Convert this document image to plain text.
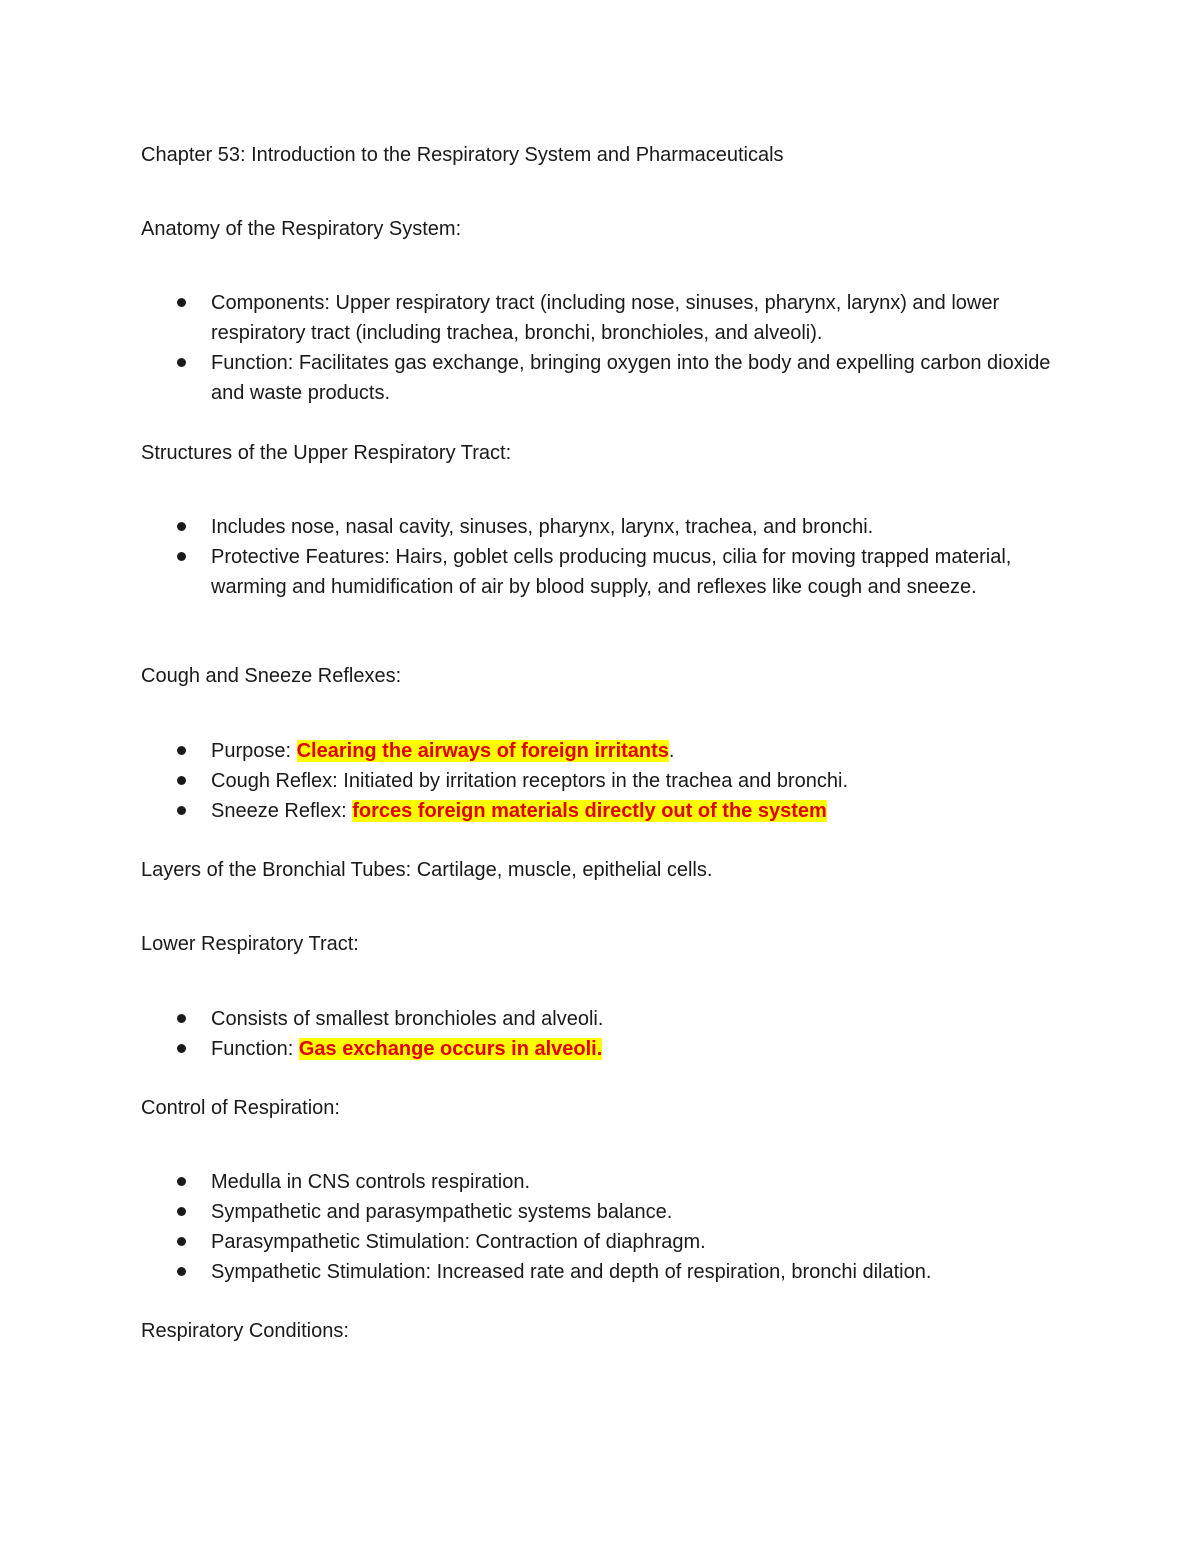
Chapter 53: Introduction to the Respiratory System and Pharmaceuticals

Anatomy of the Respiratory System:

Components: Upper respiratory tract (including nose, sinuses, pharynx, larynx) and lower respiratory tract (including trachea, bronchi, bronchioles, and alveoli).
Function: Facilitates gas exchange, bringing oxygen into the body and expelling carbon dioxide and waste products.

Structures of the Upper Respiratory Tract:

Includes nose, nasal cavity, sinuses, pharynx, larynx, trachea, and bronchi.
Protective Features: Hairs, goblet cells producing mucus, cilia for moving trapped material, warming and humidification of air by blood supply, and reflexes like cough and sneeze.

Cough and Sneeze Reflexes:

Purpose: Clearing the airways of foreign irritants.
Cough Reflex: Initiated by irritation receptors in the trachea and bronchi.
Sneeze Reflex: forces foreign materials directly out of the system

Layers of the Bronchial Tubes: Cartilage, muscle, epithelial cells.

Lower Respiratory Tract:

Consists of smallest bronchioles and alveoli.
Function: Gas exchange occurs in alveoli.

Control of Respiration:

Medulla in CNS controls respiration.
Sympathetic and parasympathetic systems balance.
Parasympathetic Stimulation: Contraction of diaphragm.
Sympathetic Stimulation: Increased rate and depth of respiration, bronchi dilation.

Respiratory Conditions:
